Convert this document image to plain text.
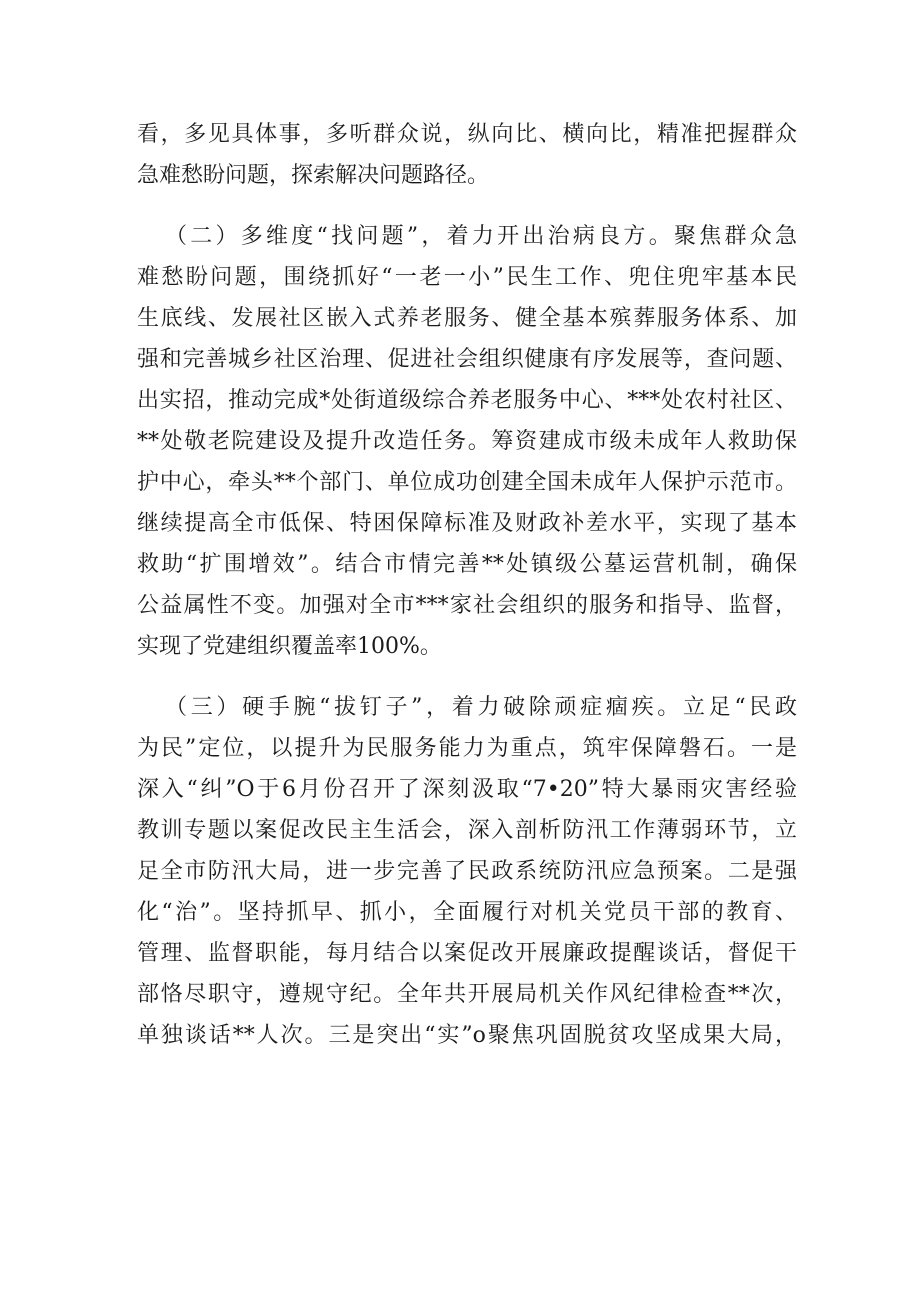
看，多见具体事，多听群众说，纵向比、横向比，精准把握群众
急难愁盼问题，探索解决问题路径。

（二）多维度“找问题”，着力开出治病良方。聚焦群众急
难愁盼问题，围绕抓好“一老一小”民生工作、兜住兜牢基本民
生底线、发展社区嵌入式养老服务、健全基本殡葬服务体系、加
强和完善城乡社区治理、促进社会组织健康有序发展等，查问题、
出实招，推动完成*处街道级综合养老服务中心、***处农村社区、
**处敬老院建设及提升改造任务。筹资建成市级未成年人救助保
护中心，牵头**个部门、单位成功创建全国未成年人保护示范市。
继续提高全市低保、特困保障标准及财政补差水平，实现了基本
救助“扩围增效”。结合市情完善**处镇级公墓运营机制，确保
公益属性不变。加强对全市***家社会组织的服务和指导、监督，
实现了党建组织覆盖率100%。

（三）硬手腕“拔钉子”，着力破除顽症痼疾。立足“民政
为民”定位，以提升为民服务能力为重点，筑牢保障磐石。一是
深入“纠”O于6月份召开了深刻汲取“7•20”特大暴雨灾害经验
教训专题以案促改民主生活会，深入剖析防汛工作薄弱环节，立
足全市防汛大局，进一步完善了民政系统防汛应急预案。二是强
化“治”。坚持抓早、抓小，全面履行对机关党员干部的教育、
管理、监督职能，每月结合以案促改开展廉政提醒谈话，督促干
部恪尽职守，遵规守纪。全年共开展局机关作风纪律检查**次，
单独谈话**人次。三是突出“实”o聚焦巩固脱贫攻坚成果大局，
